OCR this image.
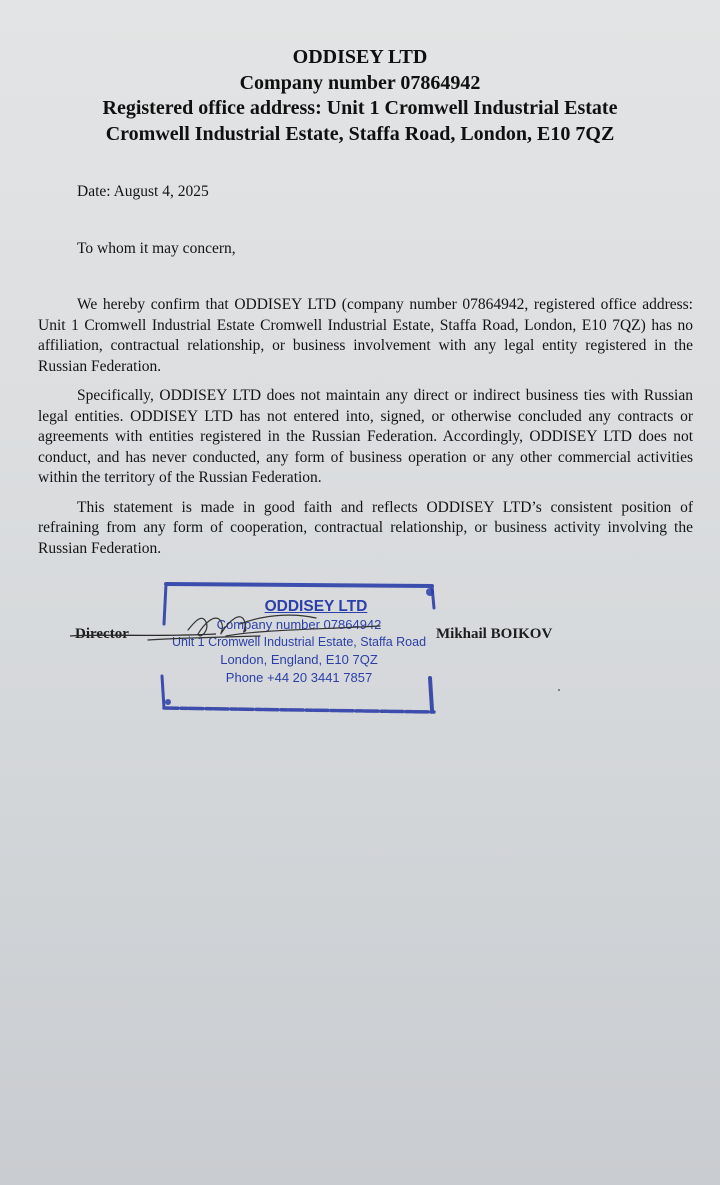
ODDISEY LTD
Company number 07864942
Registered office address: Unit 1 Cromwell Industrial Estate
Cromwell Industrial Estate, Staffa Road, London, E10 7QZ
Date: August 4, 2025
To whom it may concern,

We hereby confirm that ODDISEY LTD (company number 07864942, registered office address: Unit 1 Cromwell Industrial Estate Cromwell Industrial Estate, Staffa Road, London, E10 7QZ) has no affiliation, contractual relationship, or business involvement with any legal entity registered in the Russian Federation.

Specifically, ODDISEY LTD does not maintain any direct or indirect business ties with Russian legal entities. ODDISEY LTD has not entered into, signed, or otherwise concluded any contracts or agreements with entities registered in the Russian Federation. Accordingly, ODDISEY LTD does not conduct, and has never conducted, any form of business operation or any other commercial activities within the territory of the Russian Federation.

This statement is made in good faith and reflects ODDISEY LTD’s consistent position of refraining from any form of cooperation, contractual relationship, or business activity involving the Russian Federation.

Director	Mikhail BOIKOV
ODDISEY LTD
Company number 07864942
Unit 1 Cromwell Industrial Estate, Staffa Road
London, England, E10 7QZ
Phone +44 20 3441 7857
